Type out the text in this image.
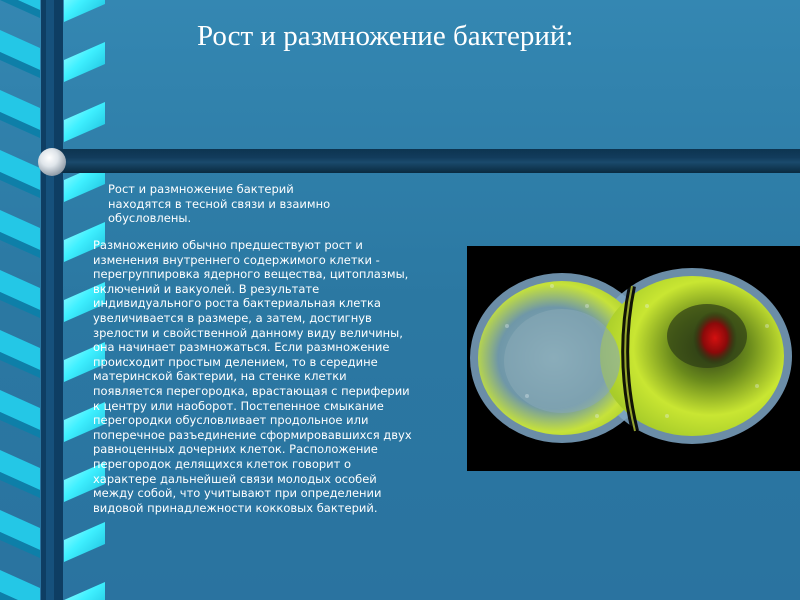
Рост и размножение бактерий:
Рост и размножение бактерий
находятся в тесной связи и взаимно
обусловлены.
Размножению обычно предшествуют рост и
изменения внутреннего содержимого клетки -
перегруппировка ядерного вещества, цитоплазмы,
включений и вакуолей. В результате
индивидуального роста бактериальная клетка
увеличивается в размере, а затем, достигнув
зрелости и свойственной данному виду величины,
она начинает размножаться. Если размножение
происходит простым делением, то в середине
материнской бактерии, на стенке клетки
появляется перегородка, врастающая с периферии
к центру или наоборот. Постепенное смыкание
перегородки обусловливает продольное или
поперечное разъединение сформировавшихся двух
равноценных дочерних клеток. Расположение
перегородок делящихся клеток говорит о
характере дальнейшей связи молодых особей
между собой, что учитывают при определении
видовой принадлежности кокковых бактерий.
